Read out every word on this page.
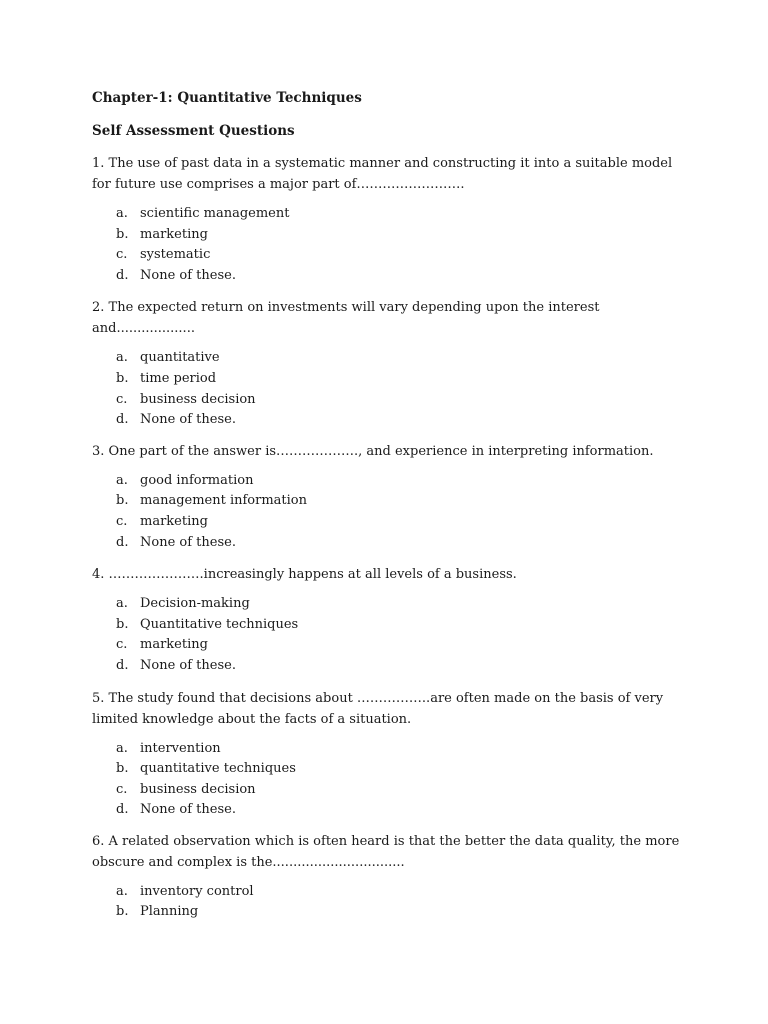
Chapter-1: Quantitative Techniques
Self Assessment Questions

1. The use of past data in a systematic manner and constructing it into a suitable model for future use comprises a major part of…………………….

a. scientific management
b. marketing
c. systematic
d. None of these.

2. The expected return on investments will vary depending upon the interest and...................

a. quantitative
b. time period
c. business decision
d. None of these.

3. One part of the answer is………………., and experience in interpreting information.

a. good information
b. management information
c. marketing
d. None of these.

4. ………………….increasingly happens at all levels of a business.

a. Decision-making
b. Quantitative techniques
c. marketing
d. None of these.

5. The study found that decisions about ……………..are often made on the basis of very limited knowledge about the facts of a situation.

a. intervention
b. quantitative techniques
c. business decision
d. None of these.

6. A related observation which is often heard is that the better the data quality, the more obscure and complex is the................................

a. inventory control
b. Planning
